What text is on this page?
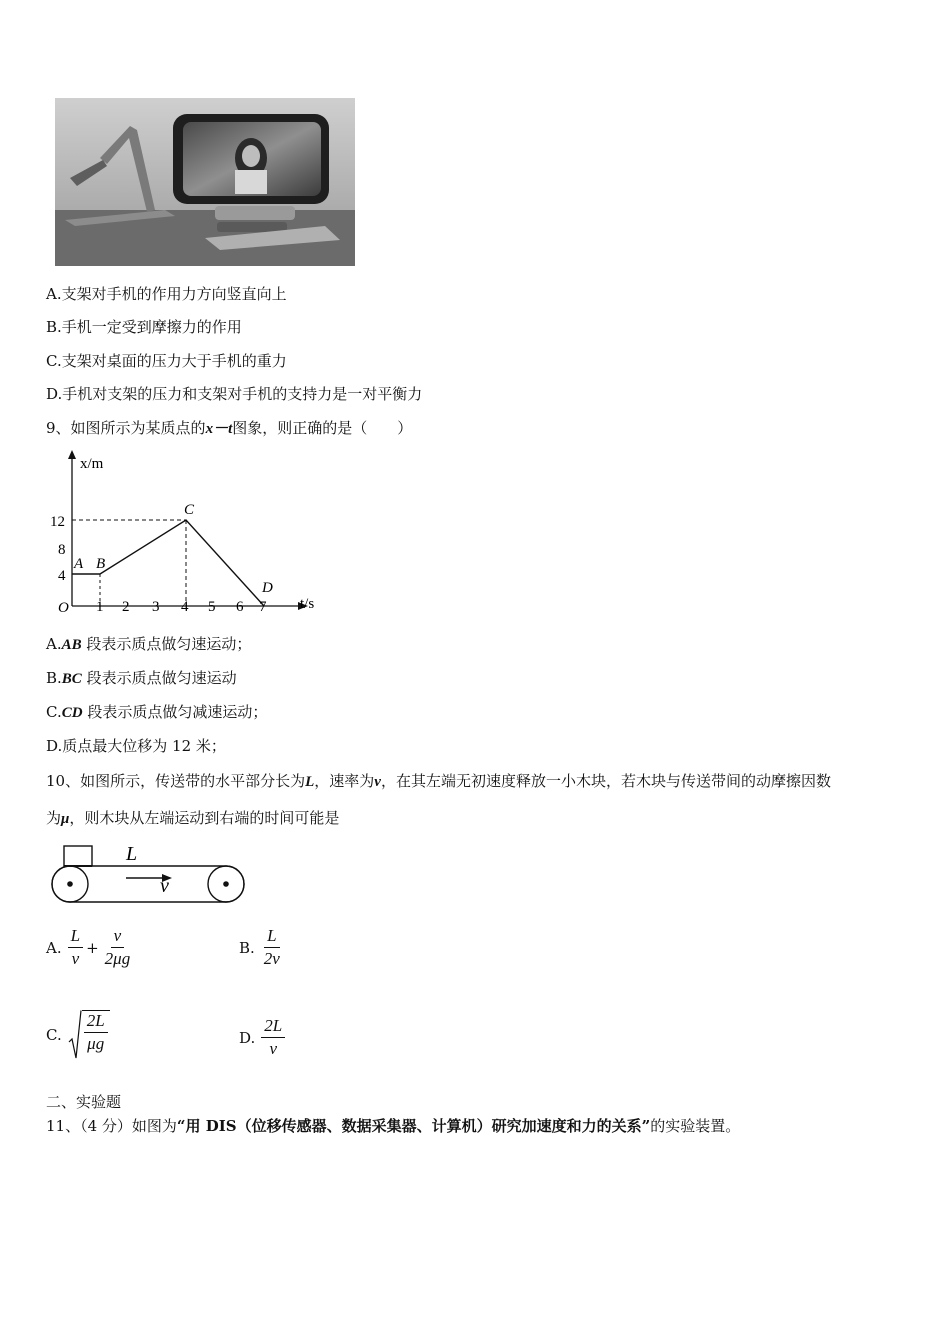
A.支架对手机的作用力方向竖直向上
B.手机一定受到摩擦力的作用
C.支架对桌面的压力大于手机的重力
D.手机对支架的压力和支架对手机的支持力是一对平衡力
9、如图所示为某质点的x－t图象，则正确的是（　　）
x/m
t/s
O
4
8
12
1 2 3 4 5 6 7
A B
C
D
A.AB 段表示质点做匀速运动；
B.BC 段表示质点做匀速运动
C.CD 段表示质点做匀减速运动；
D.质点最大位移为 12 米；
10、如图所示，传送带的水平部分长为L，速率为v，在其左端无初速度释放一小木块，若木块与传送带间的动摩擦因数
为μ，则木块从左端运动到右端的时间可能是
L
v
A. $\frac{L}{v} + \frac{v}{2\mu g}$	B. $\frac{L}{2v}$
C. $\frac{2L}{\mu g}$	D. $\frac{2L}{v}$
二、实验题
11、（4 分）如图为“用 DIS（位移传感器、数据采集器、计算机）研究加速度和力的关系”的实验装置。
